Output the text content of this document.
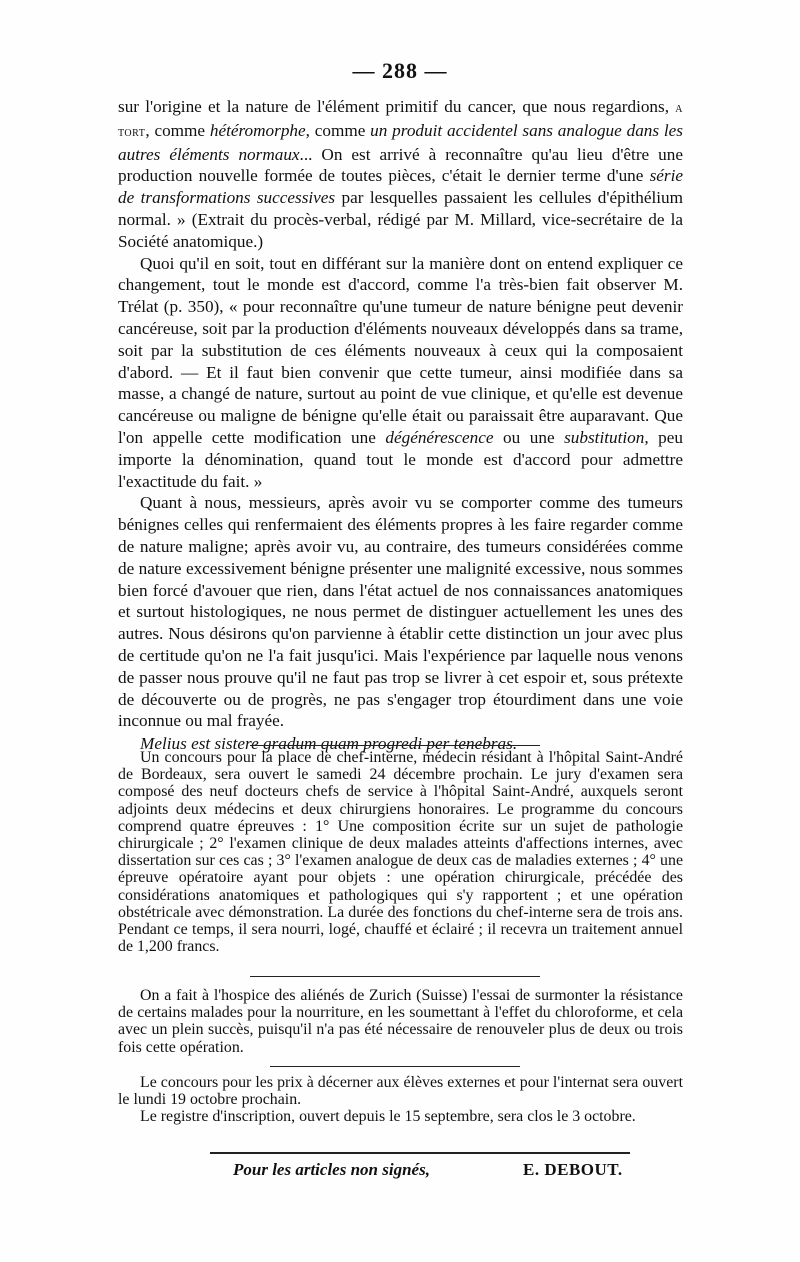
— 288 —

sur l'origine et la nature de l'élément primitif du cancer, que nous regardions, a tort, comme hétéromorphe, comme un produit accidentel sans analogue dans les autres éléments normaux... On est arrivé à reconnaître qu'au lieu d'être une production nouvelle formée de toutes pièces, c'était le dernier terme d'une série de transformations successives par lesquelles passaient les cellules d'épithélium normal. » (Extrait du procès-verbal, rédigé par M. Millard, vice-secrétaire de la Société anatomique.)

Quoi qu'il en soit, tout en différant sur la manière dont on entend expliquer ce changement, tout le monde est d'accord, comme l'a très-bien fait observer M. Trélat (p. 350), « pour reconnaître qu'une tumeur de nature bénigne peut devenir cancéreuse, soit par la production d'éléments nouveaux développés dans sa trame, soit par la substitution de ces éléments nouveaux à ceux qui la composaient d'abord. — Et il faut bien convenir que cette tumeur, ainsi modifiée dans sa masse, a changé de nature, surtout au point de vue clinique, et qu'elle est devenue cancéreuse ou maligne de bénigne qu'elle était ou paraissait être auparavant. Que l'on appelle cette modification une dégénérescence ou une substitution, peu importe la dénomination, quand tout le monde est d'accord pour admettre l'exactitude du fait. »

Quant à nous, messieurs, après avoir vu se comporter comme des tumeurs bénignes celles qui renfermaient des éléments propres à les faire regarder comme de nature maligne; après avoir vu, au contraire, des tumeurs considérées comme de nature excessivement bénigne présenter une malignité excessive, nous sommes bien forcé d'avouer que rien, dans l'état actuel de nos connaissances anatomiques et surtout histologiques, ne nous permet de distinguer actuellement les unes des autres. Nous désirons qu'on parvienne à établir cette distinction un jour avec plus de certitude qu'on ne l'a fait jusqu'ici. Mais l'expérience par laquelle nous venons de passer nous prouve qu'il ne faut pas trop se livrer à cet espoir et, sous prétexte de découverte ou de progrès, ne pas s'engager trop étourdiment dans une voie inconnue ou mal frayée.

Melius est sistere gradum quam progredi per tenebras.

Un concours pour la place de chef-interne, médecin résidant à l'hôpital Saint-André de Bordeaux, sera ouvert le samedi 24 décembre prochain. Le jury d'examen sera composé des neuf docteurs chefs de service à l'hôpital Saint-André, auxquels seront adjoints deux médecins et deux chirurgiens honoraires. Le programme du concours comprend quatre épreuves : 1° Une composition écrite sur un sujet de pathologie chirurgicale ; 2° l'examen clinique de deux malades atteints d'affections internes, avec dissertation sur ces cas ; 3° l'examen analogue de deux cas de maladies externes ; 4° une épreuve opératoire ayant pour objets : une opération chirurgicale, précédée des considérations anatomiques et pathologiques qui s'y rapportent ; et une opération obstétricale avec démonstration. La durée des fonctions du chef-interne sera de trois ans. Pendant ce temps, il sera nourri, logé, chauffé et éclairé ; il recevra un traitement annuel de 1,200 francs.

On a fait à l'hospice des aliénés de Zurich (Suisse) l'essai de surmonter la résistance de certains malades pour la nourriture, en les soumettant à l'effet du chloroforme, et cela avec un plein succès, puisqu'il n'a pas été nécessaire de renouveler plus de deux ou trois fois cette opération.

Le concours pour les prix à décerner aux élèves externes et pour l'internat sera ouvert le lundi 19 octobre prochain.

Le registre d'inscription, ouvert depuis le 15 septembre, sera clos le 3 octobre.

Pour les articles non signés,	E. DEBOUT.
